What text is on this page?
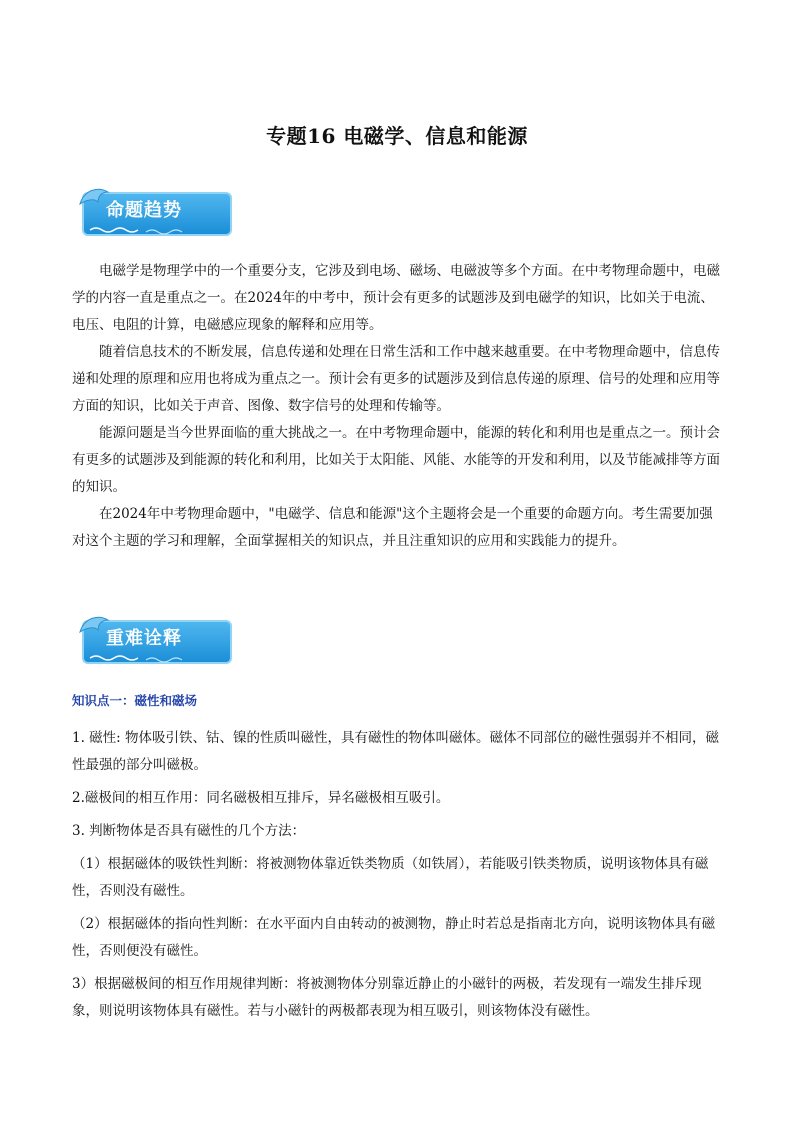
专题16 电磁学、信息和能源
命题趋势

电磁学是物理学中的一个重要分支，它涉及到电场、磁场、电磁波等多个方面。在中考物理命题中，电磁学的内容一直是重点之一。在2024年的中考中，预计会有更多的试题涉及到电磁学的知识，比如关于电流、电压、电阻的计算，电磁感应现象的解释和应用等。

随着信息技术的不断发展，信息传递和处理在日常生活和工作中越来越重要。在中考物理命题中，信息传递和处理的原理和应用也将成为重点之一。预计会有更多的试题涉及到信息传递的原理、信号的处理和应用等方面的知识，比如关于声音、图像、数字信号的处理和传输等。

能源问题是当今世界面临的重大挑战之一。在中考物理命题中，能源的转化和利用也是重点之一。预计会有更多的试题涉及到能源的转化和利用，比如关于太阳能、风能、水能等的开发和利用，以及节能减排等方面的知识。

在2024年中考物理命题中，"电磁学、信息和能源"这个主题将会是一个重要的命题方向。考生需要加强对这个主题的学习和理解，全面掌握相关的知识点，并且注重知识的应用和实践能力的提升。

重难诠释
知识点一：磁性和磁场

1. 磁性: 物体吸引铁、钴、镍的性质叫磁性，具有磁性的物体叫磁体。磁体不同部位的磁性强弱并不相同，磁性最强的部分叫磁极。

2.磁极间的相互作用：同名磁极相互排斥，异名磁极相互吸引。

3. 判断物体是否具有磁性的几个方法：

（1）根据磁体的吸铁性判断：将被测物体靠近铁类物质（如铁屑），若能吸引铁类物质，说明该物体具有磁性，否则没有磁性。

（2）根据磁体的指向性判断：在水平面内自由转动的被测物，静止时若总是指南北方向，说明该物体具有磁性，否则便没有磁性。

3）根据磁极间的相互作用规律判断：将被测物体分别靠近静止的小磁针的两极，若发现有一端发生排斥现象，则说明该物体具有磁性。若与小磁针的两极都表现为相互吸引，则该物体没有磁性。
